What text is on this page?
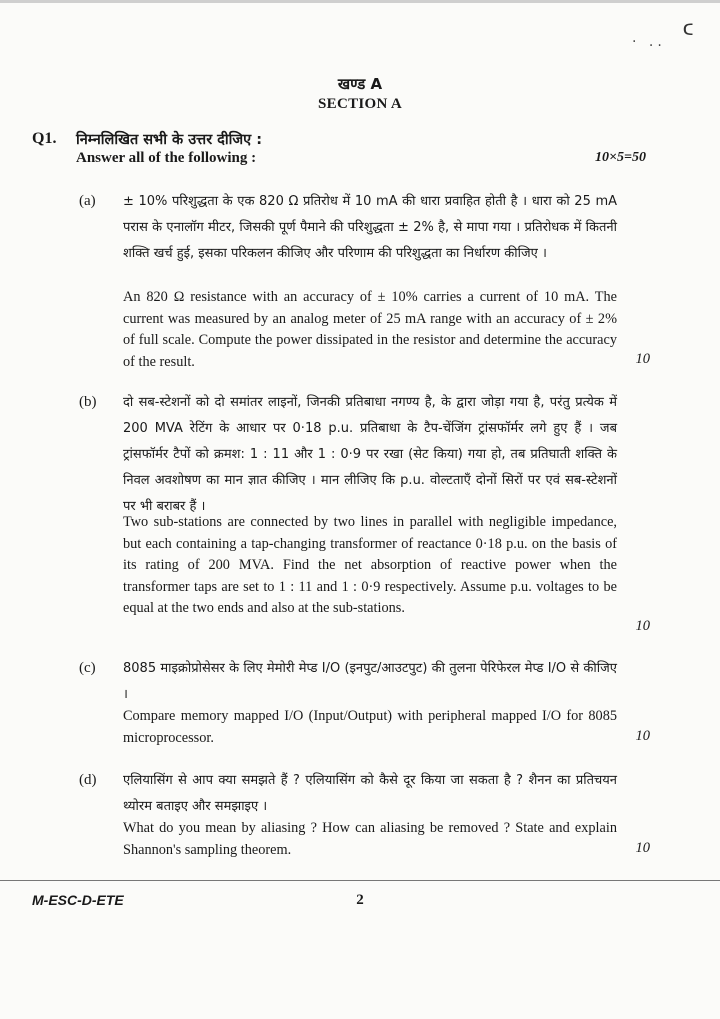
· .. ᑦ
खण्ड A
SECTION A
Q1. निम्नलिखित सभी के उत्तर दीजिए :
Answer all of the following :	10×5=50
(a) ± 10% परिशुद्धता के एक 820 Ω प्रतिरोध में 10 mA की धारा प्रवाहित होती है । धारा को 25 mA परास के एनालॉग मीटर, जिसकी पूर्ण पैमाने की परिशुद्धता ± 2% है, से मापा गया । प्रतिरोधक में कितनी शक्ति खर्च हुई, इसका परिकलन कीजिए और परिणाम की परिशुद्धता का निर्धारण कीजिए ।
An 820 Ω resistance with an accuracy of ± 10% carries a current of 10 mA. The current was measured by an analog meter of 25 mA range with an accuracy of ± 2% of full scale. Compute the power dissipated in the resistor and determine the accuracy of the result.	10
(b) दो सब-स्टेशनों को दो समांतर लाइनों, जिनकी प्रतिबाधा नगण्य है, के द्वारा जोड़ा गया है, परंतु प्रत्येक में 200 MVA रेटिंग के आधार पर 0·18 p.u. प्रतिबाधा के टैप-चेंजिंग ट्रांसफॉर्मर लगे हुए हैं । जब ट्रांसफॉर्मर टैपों को क्रमश: 1 : 11 और 1 : 0·9 पर रखा (सेट किया) गया हो, तब प्रतिघाती शक्ति के निवल अवशोषण का मान ज्ञात कीजिए । मान लीजिए कि p.u. वोल्टताएँ दोनों सिरों पर एवं सब-स्टेशनों पर भी बराबर हैं ।
Two sub-stations are connected by two lines in parallel with negligible impedance, but each containing a tap-changing transformer of reactance 0·18 p.u. on the basis of its rating of 200 MVA. Find the net absorption of reactive power when the transformer taps are set to 1 : 11 and 1 : 0·9 respectively. Assume p.u. voltages to be equal at the two ends and also at the sub-stations.
10
(c) 8085 माइक्रोप्रोसेसर के लिए मेमोरी मेप्ड I/O (इनपुट/आउटपुट) की तुलना पेरिफेरल मेप्ड I/O से कीजिए ।
Compare memory mapped I/O (Input/Output) with peripheral mapped I/O for 8085 microprocessor.	10
(d) एलियासिंग से आप क्या समझते हैं ? एलियासिंग को कैसे दूर किया जा सकता है ? शैनन का प्रतिचयन थ्योरम बताइए और समझाइए ।
What do you mean by aliasing ? How can aliasing be removed ? State and explain Shannon's sampling theorem.	10
M-ESC-D-ETE	2
